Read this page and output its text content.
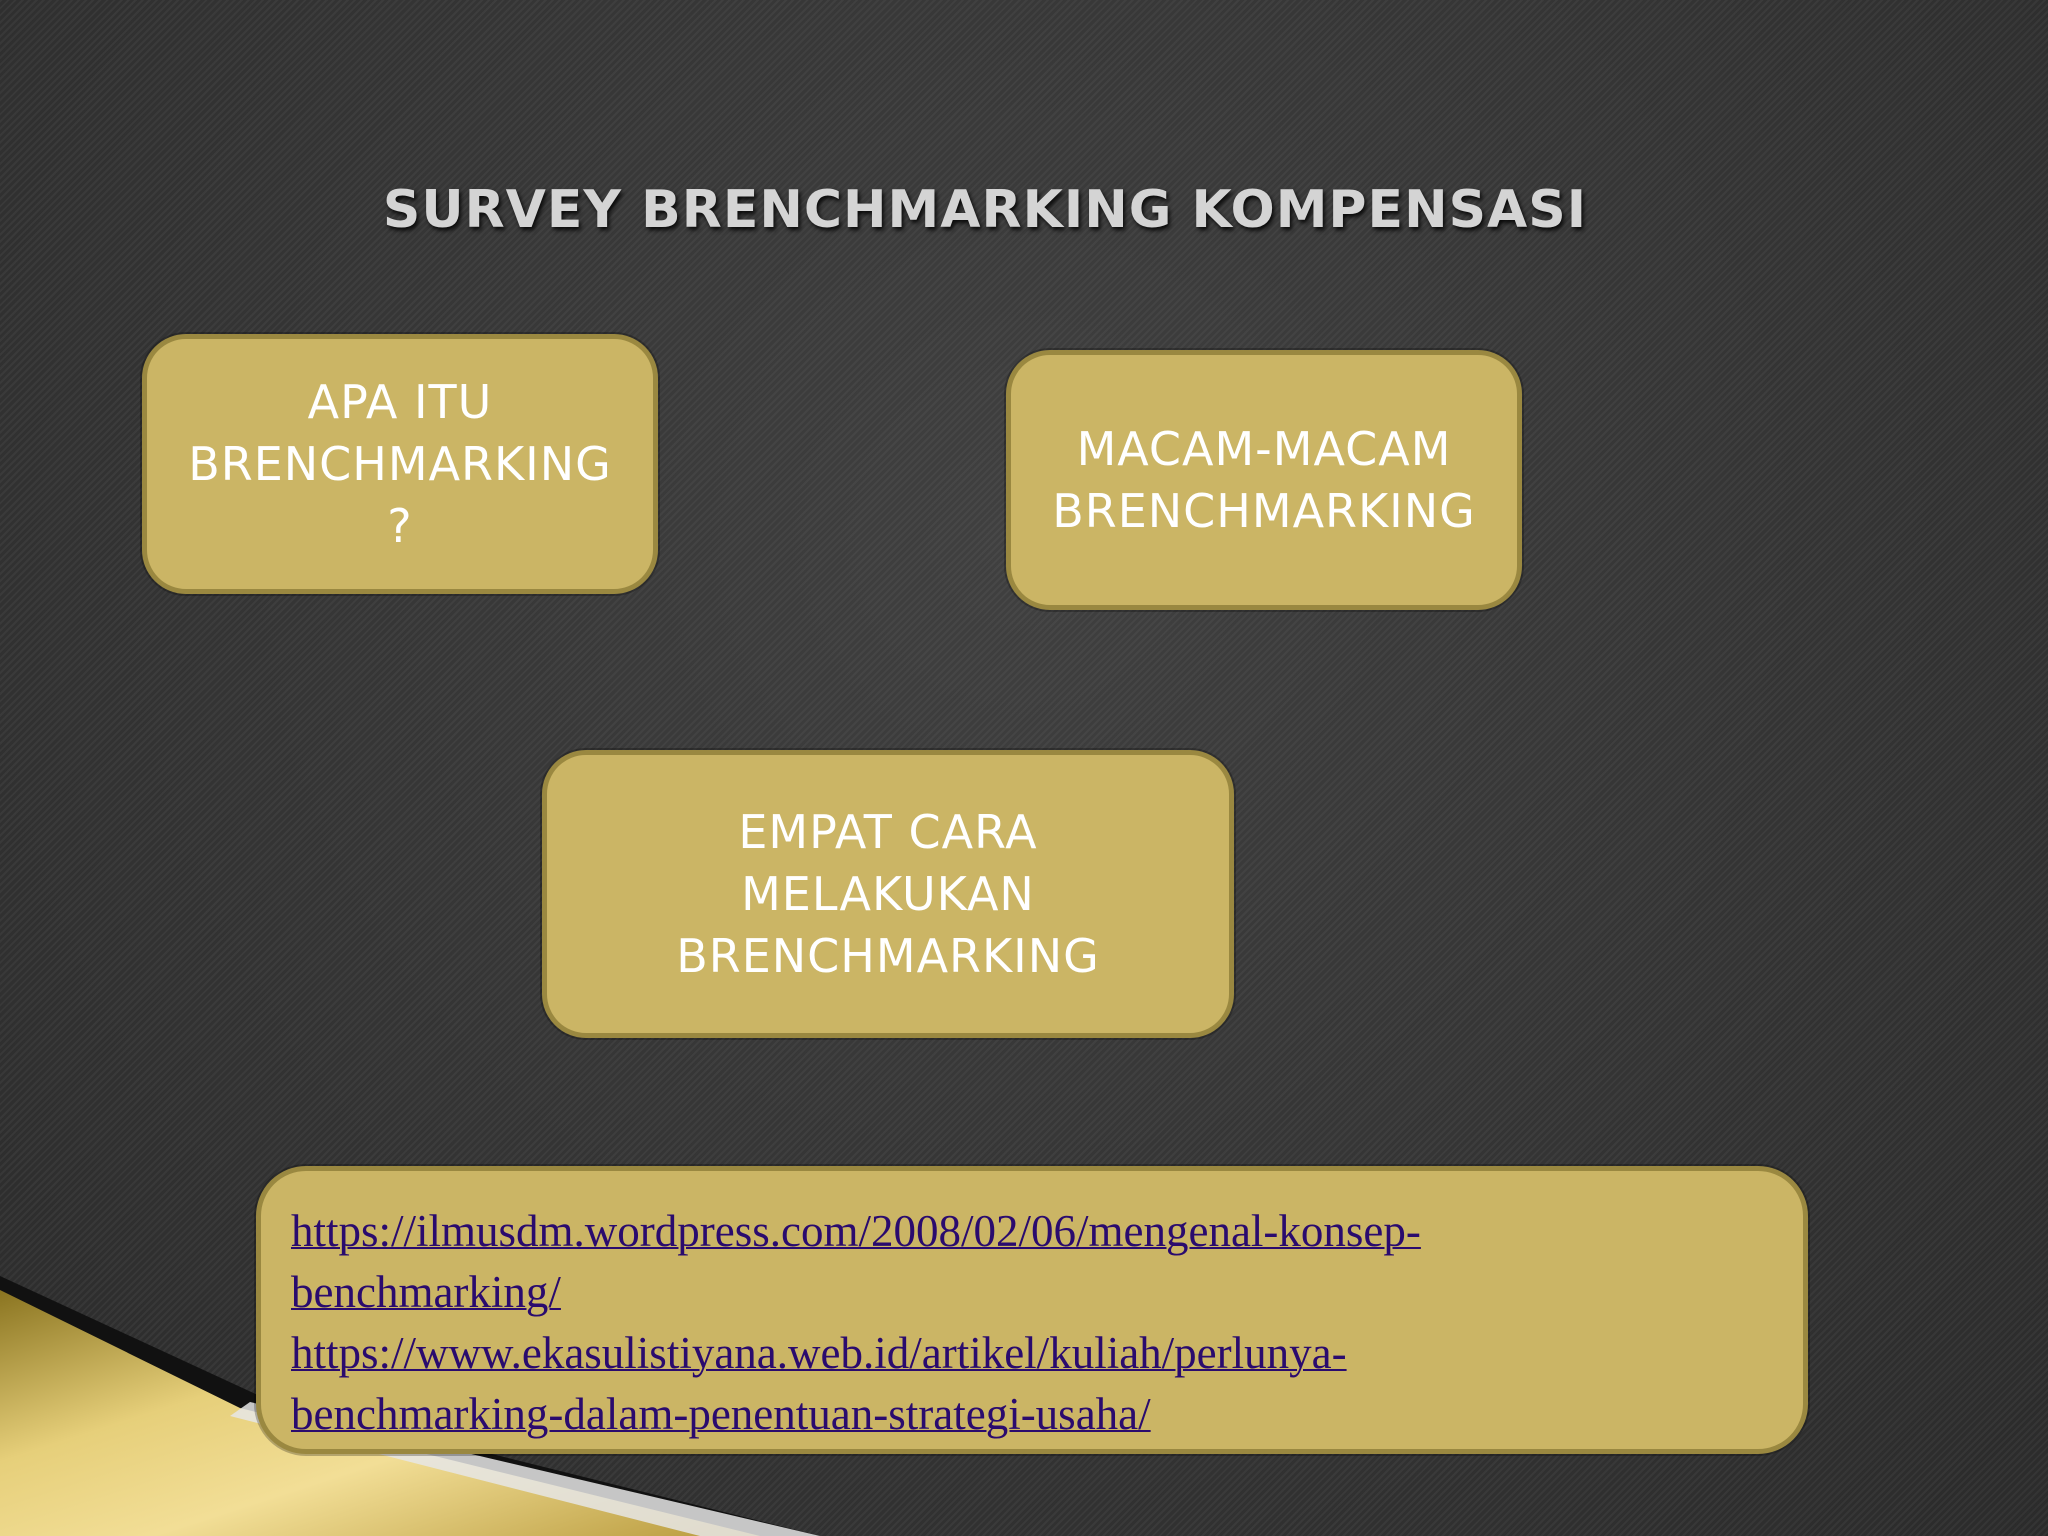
SURVEY BRENCHMARKING KOMPENSASI
APA ITU
BRENCHMARKING
?
MACAM-MACAM
BRENCHMARKING
EMPAT CARA
MELAKUKAN
BRENCHMARKING
https://ilmusdm.wordpress.com/2008/02/06/mengenal-konsep-
benchmarking/
https://www.ekasulistiyana.web.id/artikel/kuliah/perlunya-
benchmarking-dalam-penentuan-strategi-usaha/
